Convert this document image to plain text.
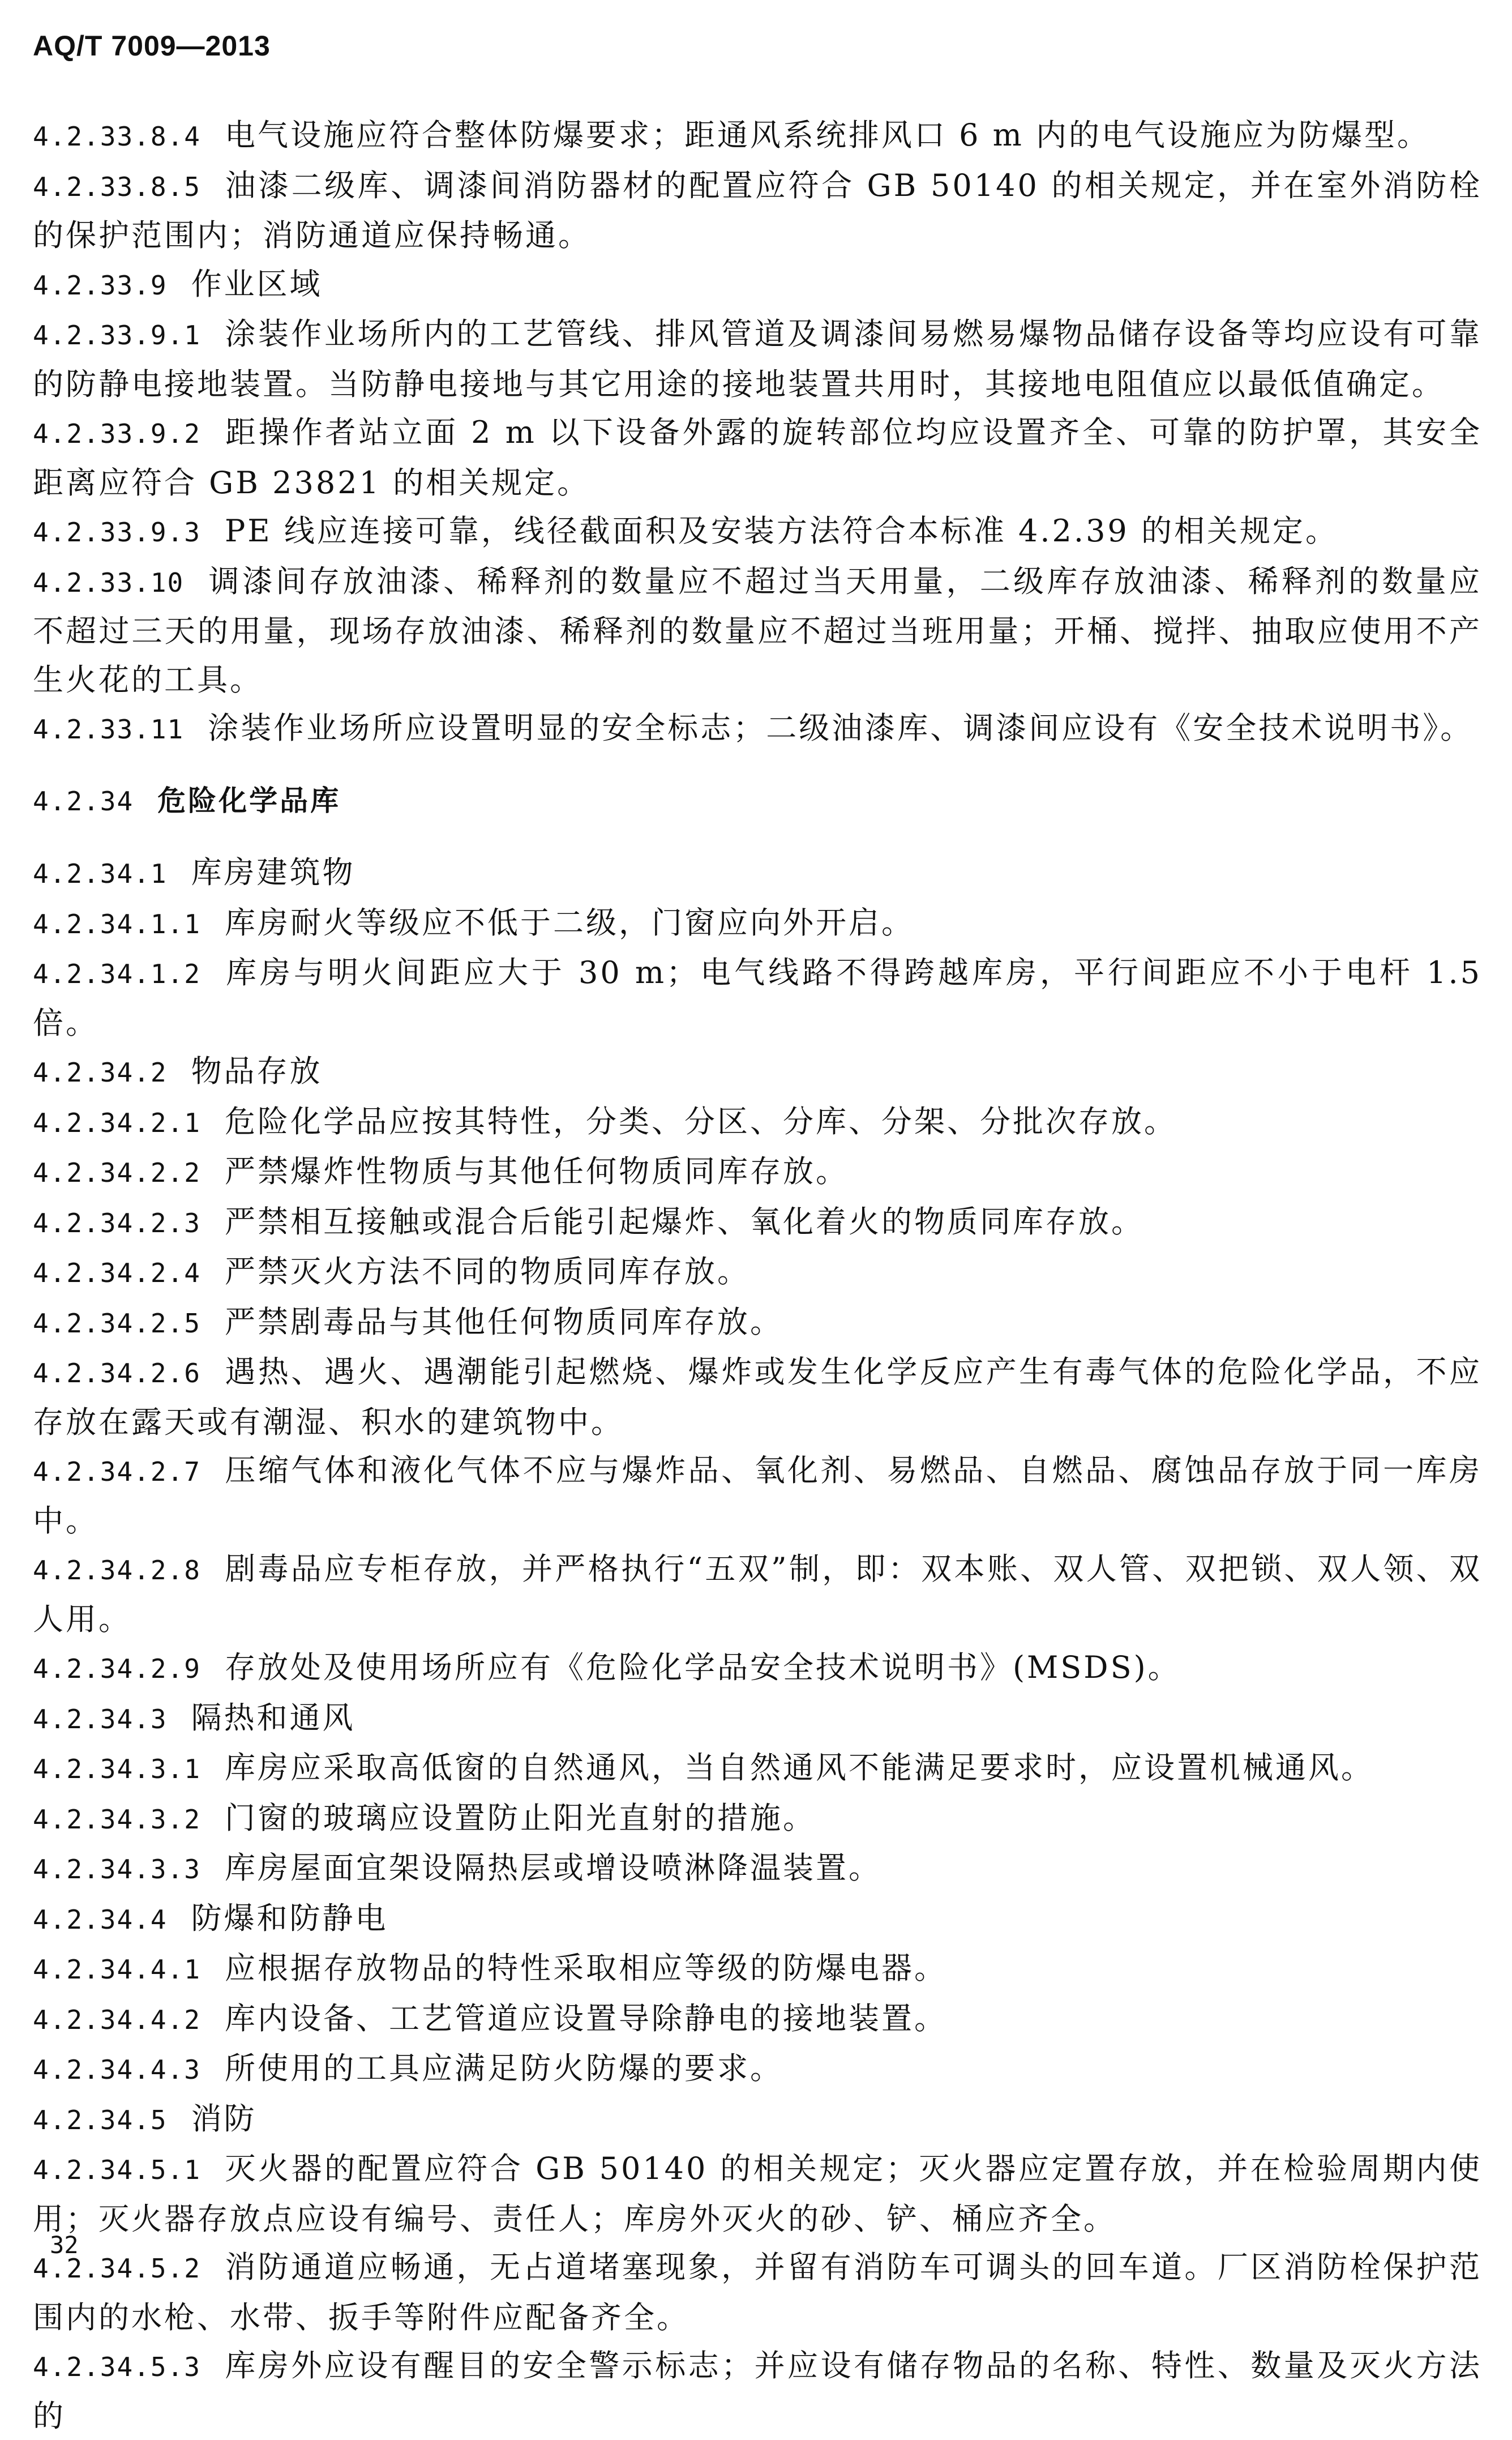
AQ/T 7009—2013

4.2.33.8.4 电气设施应符合整体防爆要求；距通风系统排风口 6 m 内的电气设施应为防爆型。

4.2.33.8.5 油漆二级库、调漆间消防器材的配置应符合 GB 50140 的相关规定，并在室外消防栓的保护范围内；消防通道应保持畅通。

4.2.33.9 作业区域

4.2.33.9.1 涂装作业场所内的工艺管线、排风管道及调漆间易燃易爆物品储存设备等均应设有可靠的防静电接地装置。当防静电接地与其它用途的接地装置共用时，其接地电阻值应以最低值确定。

4.2.33.9.2 距操作者站立面 2 m 以下设备外露的旋转部位均应设置齐全、可靠的防护罩，其安全距离应符合 GB 23821 的相关规定。

4.2.33.9.3 PE 线应连接可靠，线径截面积及安装方法符合本标准 4.2.39 的相关规定。

4.2.33.10 调漆间存放油漆、稀释剂的数量应不超过当天用量，二级库存放油漆、稀释剂的数量应不超过三天的用量，现场存放油漆、稀释剂的数量应不超过当班用量；开桶、搅拌、抽取应使用不产生火花的工具。

4.2.33.11 涂装作业场所应设置明显的安全标志；二级油漆库、调漆间应设有《安全技术说明书》。

4.2.34 危险化学品库

4.2.34.1 库房建筑物

4.2.34.1.1 库房耐火等级应不低于二级，门窗应向外开启。

4.2.34.1.2 库房与明火间距应大于 30 m；电气线路不得跨越库房，平行间距应不小于电杆 1.5 倍。

4.2.34.2 物品存放

4.2.34.2.1 危险化学品应按其特性，分类、分区、分库、分架、分批次存放。

4.2.34.2.2 严禁爆炸性物质与其他任何物质同库存放。

4.2.34.2.3 严禁相互接触或混合后能引起爆炸、氧化着火的物质同库存放。

4.2.34.2.4 严禁灭火方法不同的物质同库存放。

4.2.34.2.5 严禁剧毒品与其他任何物质同库存放。

4.2.34.2.6 遇热、遇火、遇潮能引起燃烧、爆炸或发生化学反应产生有毒气体的危险化学品，不应存放在露天或有潮湿、积水的建筑物中。

4.2.34.2.7 压缩气体和液化气体不应与爆炸品、氧化剂、易燃品、自燃品、腐蚀品存放于同一库房中。

4.2.34.2.8 剧毒品应专柜存放，并严格执行“五双”制，即：双本账、双人管、双把锁、双人领、双人用。

4.2.34.2.9 存放处及使用场所应有《危险化学品安全技术说明书》(MSDS)。

4.2.34.3 隔热和通风

4.2.34.3.1 库房应采取高低窗的自然通风，当自然通风不能满足要求时，应设置机械通风。

4.2.34.3.2 门窗的玻璃应设置防止阳光直射的措施。

4.2.34.3.3 库房屋面宜架设隔热层或增设喷淋降温装置。

4.2.34.4 防爆和防静电

4.2.34.4.1 应根据存放物品的特性采取相应等级的防爆电器。

4.2.34.4.2 库内设备、工艺管道应设置导除静电的接地装置。

4.2.34.4.3 所使用的工具应满足防火防爆的要求。

4.2.34.5 消防

4.2.34.5.1 灭火器的配置应符合 GB 50140 的相关规定；灭火器应定置存放，并在检验周期内使用；灭火器存放点应设有编号、责任人；库房外灭火的砂、铲、桶应齐全。

4.2.34.5.2 消防通道应畅通，无占道堵塞现象，并留有消防车可调头的回车道。厂区消防栓保护范围内的水枪、水带、扳手等附件应配备齐全。

4.2.34.5.3 库房外应设有醒目的安全警示标志；并应设有储存物品的名称、特性、数量及灭火方法的

32
